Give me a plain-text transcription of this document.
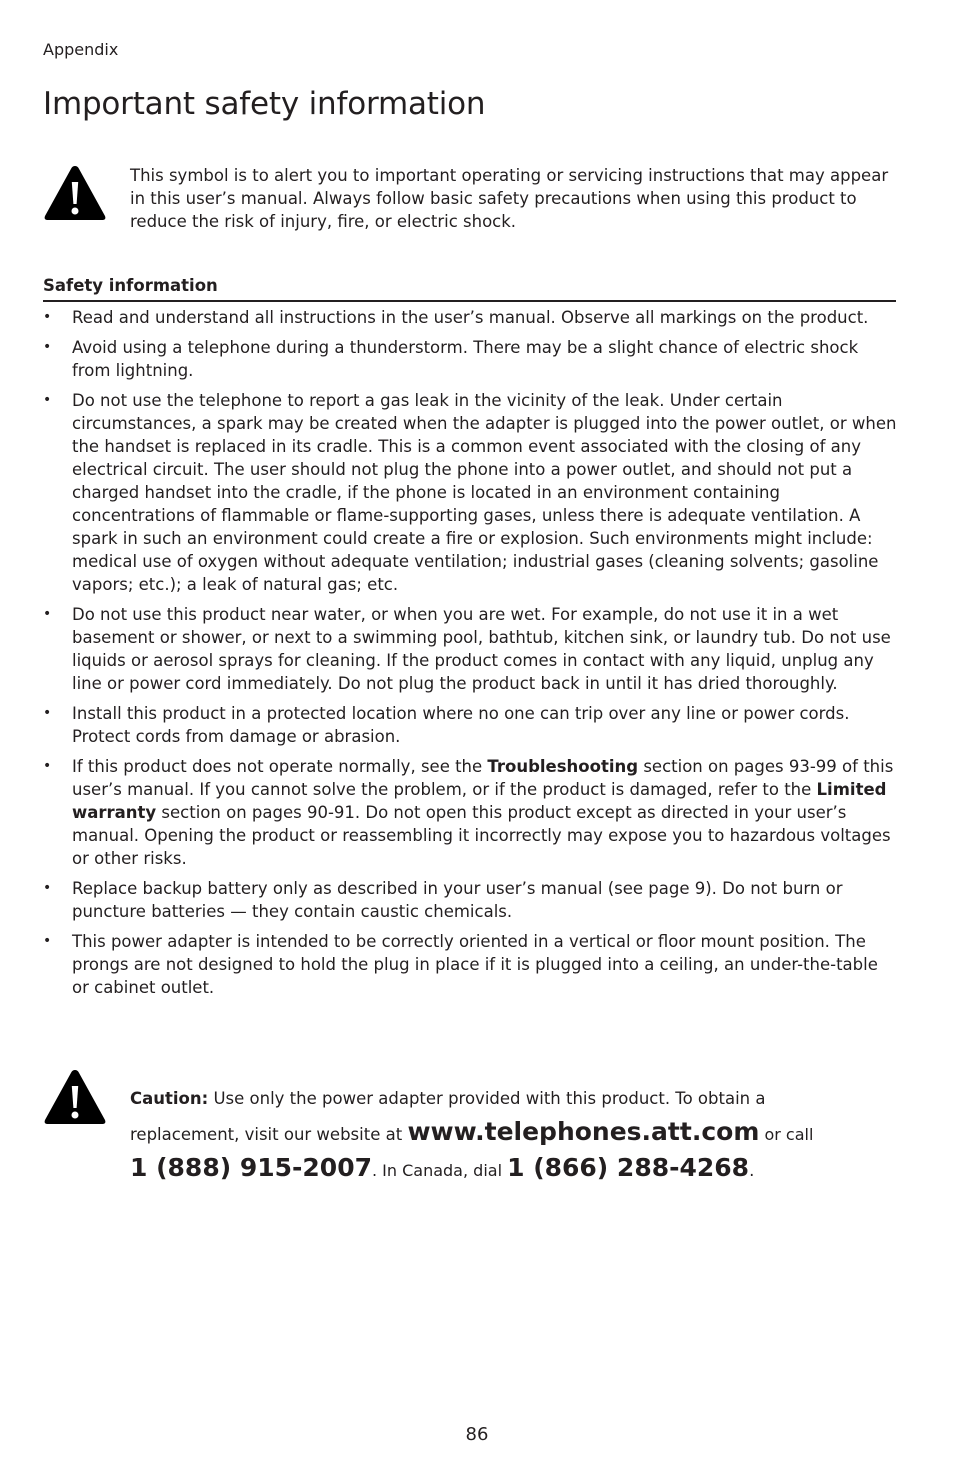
Appendix
Important safety information

This symbol is to alert you to important operating or servicing instructions that may appear in this user’s manual. Always follow basic safety precautions when using this product to reduce the risk of injury, fire, or electric shock.

Safety information
• Read and understand all instructions in the user’s manual. Observe all markings on the product.
• Avoid using a telephone during a thunderstorm. There may be a slight chance of electric shock from lightning.
• Do not use the telephone to report a gas leak in the vicinity of the leak. Under certain circumstances, a spark may be created when the adapter is plugged into the power outlet, or when the handset is replaced in its cradle. This is a common event associated with the closing of any electrical circuit. The user should not plug the phone into a power outlet, and should not put a charged handset into the cradle, if the phone is located in an environment containing concentrations of flammable or flame-supporting gases, unless there is adequate ventilation. A spark in such an environment could create a fire or explosion. Such environments might include: medical use of oxygen without adequate ventilation; industrial gases (cleaning solvents; gasoline vapors; etc.); a leak of natural gas; etc.
• Do not use this product near water, or when you are wet. For example, do not use it in a wet basement or shower, or next to a swimming pool, bathtub, kitchen sink, or laundry tub. Do not use liquids or aerosol sprays for cleaning. If the product comes in contact with any liquid, unplug any line or power cord immediately. Do not plug the product back in until it has dried thoroughly.
• Install this product in a protected location where no one can trip over any line or power cords. Protect cords from damage or abrasion.
• If this product does not operate normally, see the Troubleshooting section on pages 93-99 of this user’s manual. If you cannot solve the problem, or if the product is damaged, refer to the Limited warranty section on pages 90-91. Do not open this product except as directed in your user’s manual. Opening the product or reassembling it incorrectly may expose you to hazardous voltages or other risks.
• Replace backup battery only as described in your user’s manual (see page 9). Do not burn or puncture batteries — they contain caustic chemicals.
• This power adapter is intended to be correctly oriented in a vertical or floor mount position. The prongs are not designed to hold the plug in place if it is plugged into a ceiling, an under-the-table or cabinet outlet.
Caution: Use only the power adapter provided with this product. To obtain a replacement, visit our website at www.telephones.att.com or call
1 (888) 915-2007. In Canada, dial 1 (866) 288-4268.
86
